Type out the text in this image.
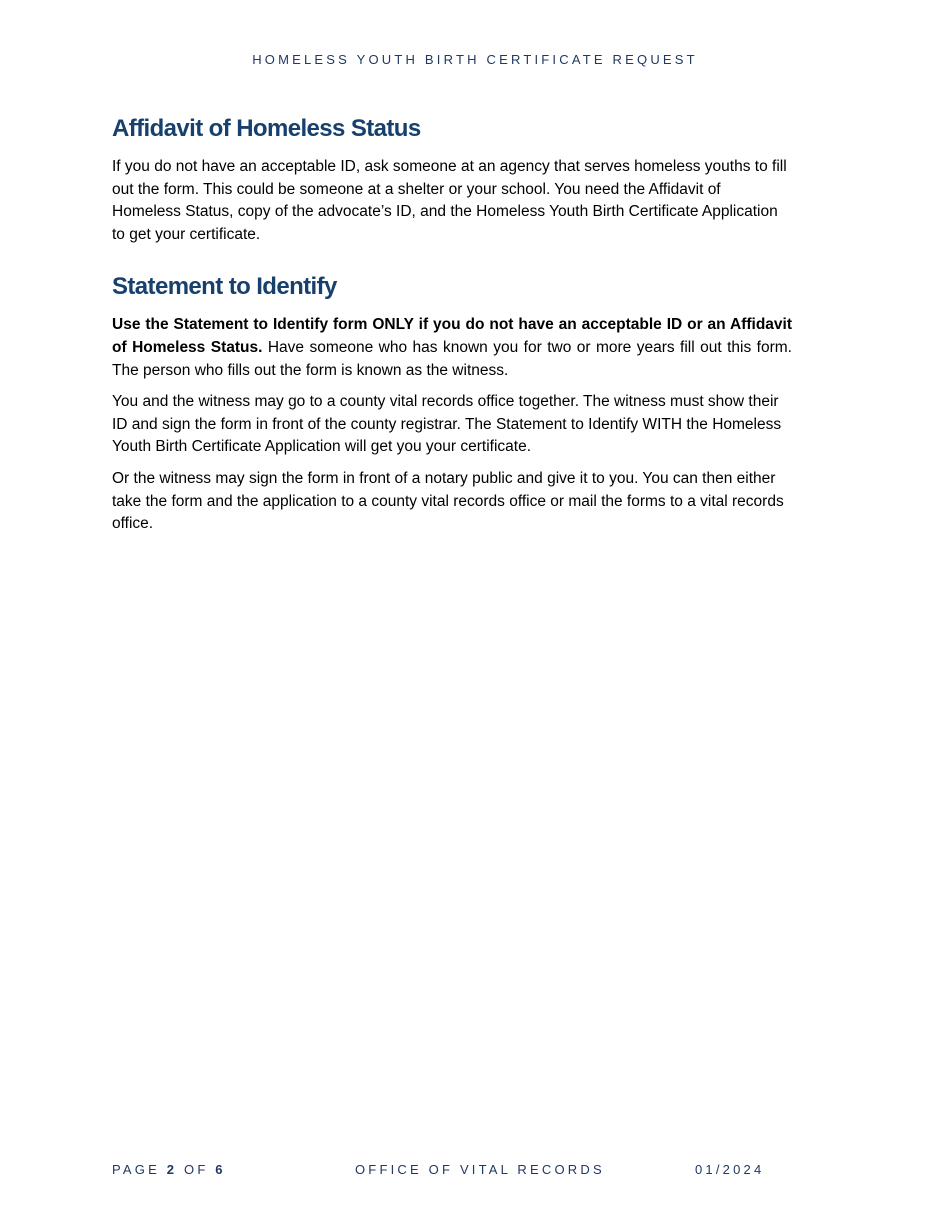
HOMELESS YOUTH BIRTH CERTIFICATE REQUEST
Affidavit of Homeless Status

If you do not have an acceptable ID, ask someone at an agency that serves homeless youths to fill out the form. This could be someone at a shelter or your school. You need the Affidavit of Homeless Status, copy of the advocate’s ID, and the Homeless Youth Birth Certificate Application to get your certificate.

Statement to Identify

Use the Statement to Identify form ONLY if you do not have an acceptable ID or an Affidavit of Homeless Status. Have someone who has known you for two or more years fill out this form. The person who fills out the form is known as the witness.

You and the witness may go to a county vital records office together. The witness must show their ID and sign the form in front of the county registrar. The Statement to Identify WITH the Homeless Youth Birth Certificate Application will get you your certificate.

Or the witness may sign the form in front of a notary public and give it to you. You can then either take the form and the application to a county vital records office or mail the forms to a vital records office.

PAGE 2 OF 6	OFFICE OF VITAL RECORDS	01/2024
